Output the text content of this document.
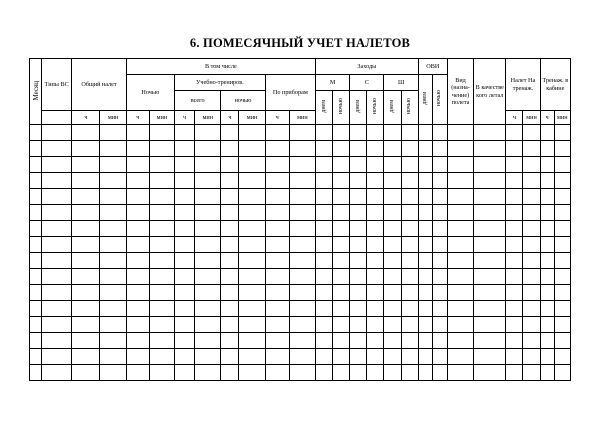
6. ПОМЕСЯЧНЫЙ УЧЕТ НАЛЕТОВ
Месяц	Типы ВС	Общий налет		В том числе								Заходы						ОВИ		Вид (назна-чение) полета	В качестве кого летал	Налет На тренаж.		Тренаж. в кабине	
				Ночью		Учебно-трениров.				По приборам		М		С		Ш		днем	ночью						
						всего		ночью				днем	ночью	днем	ночью	днем	ночью								
		ч	мин	ч	мин	ч	мин	ч	мин	ч	мин											ч	мин	ч	мин
